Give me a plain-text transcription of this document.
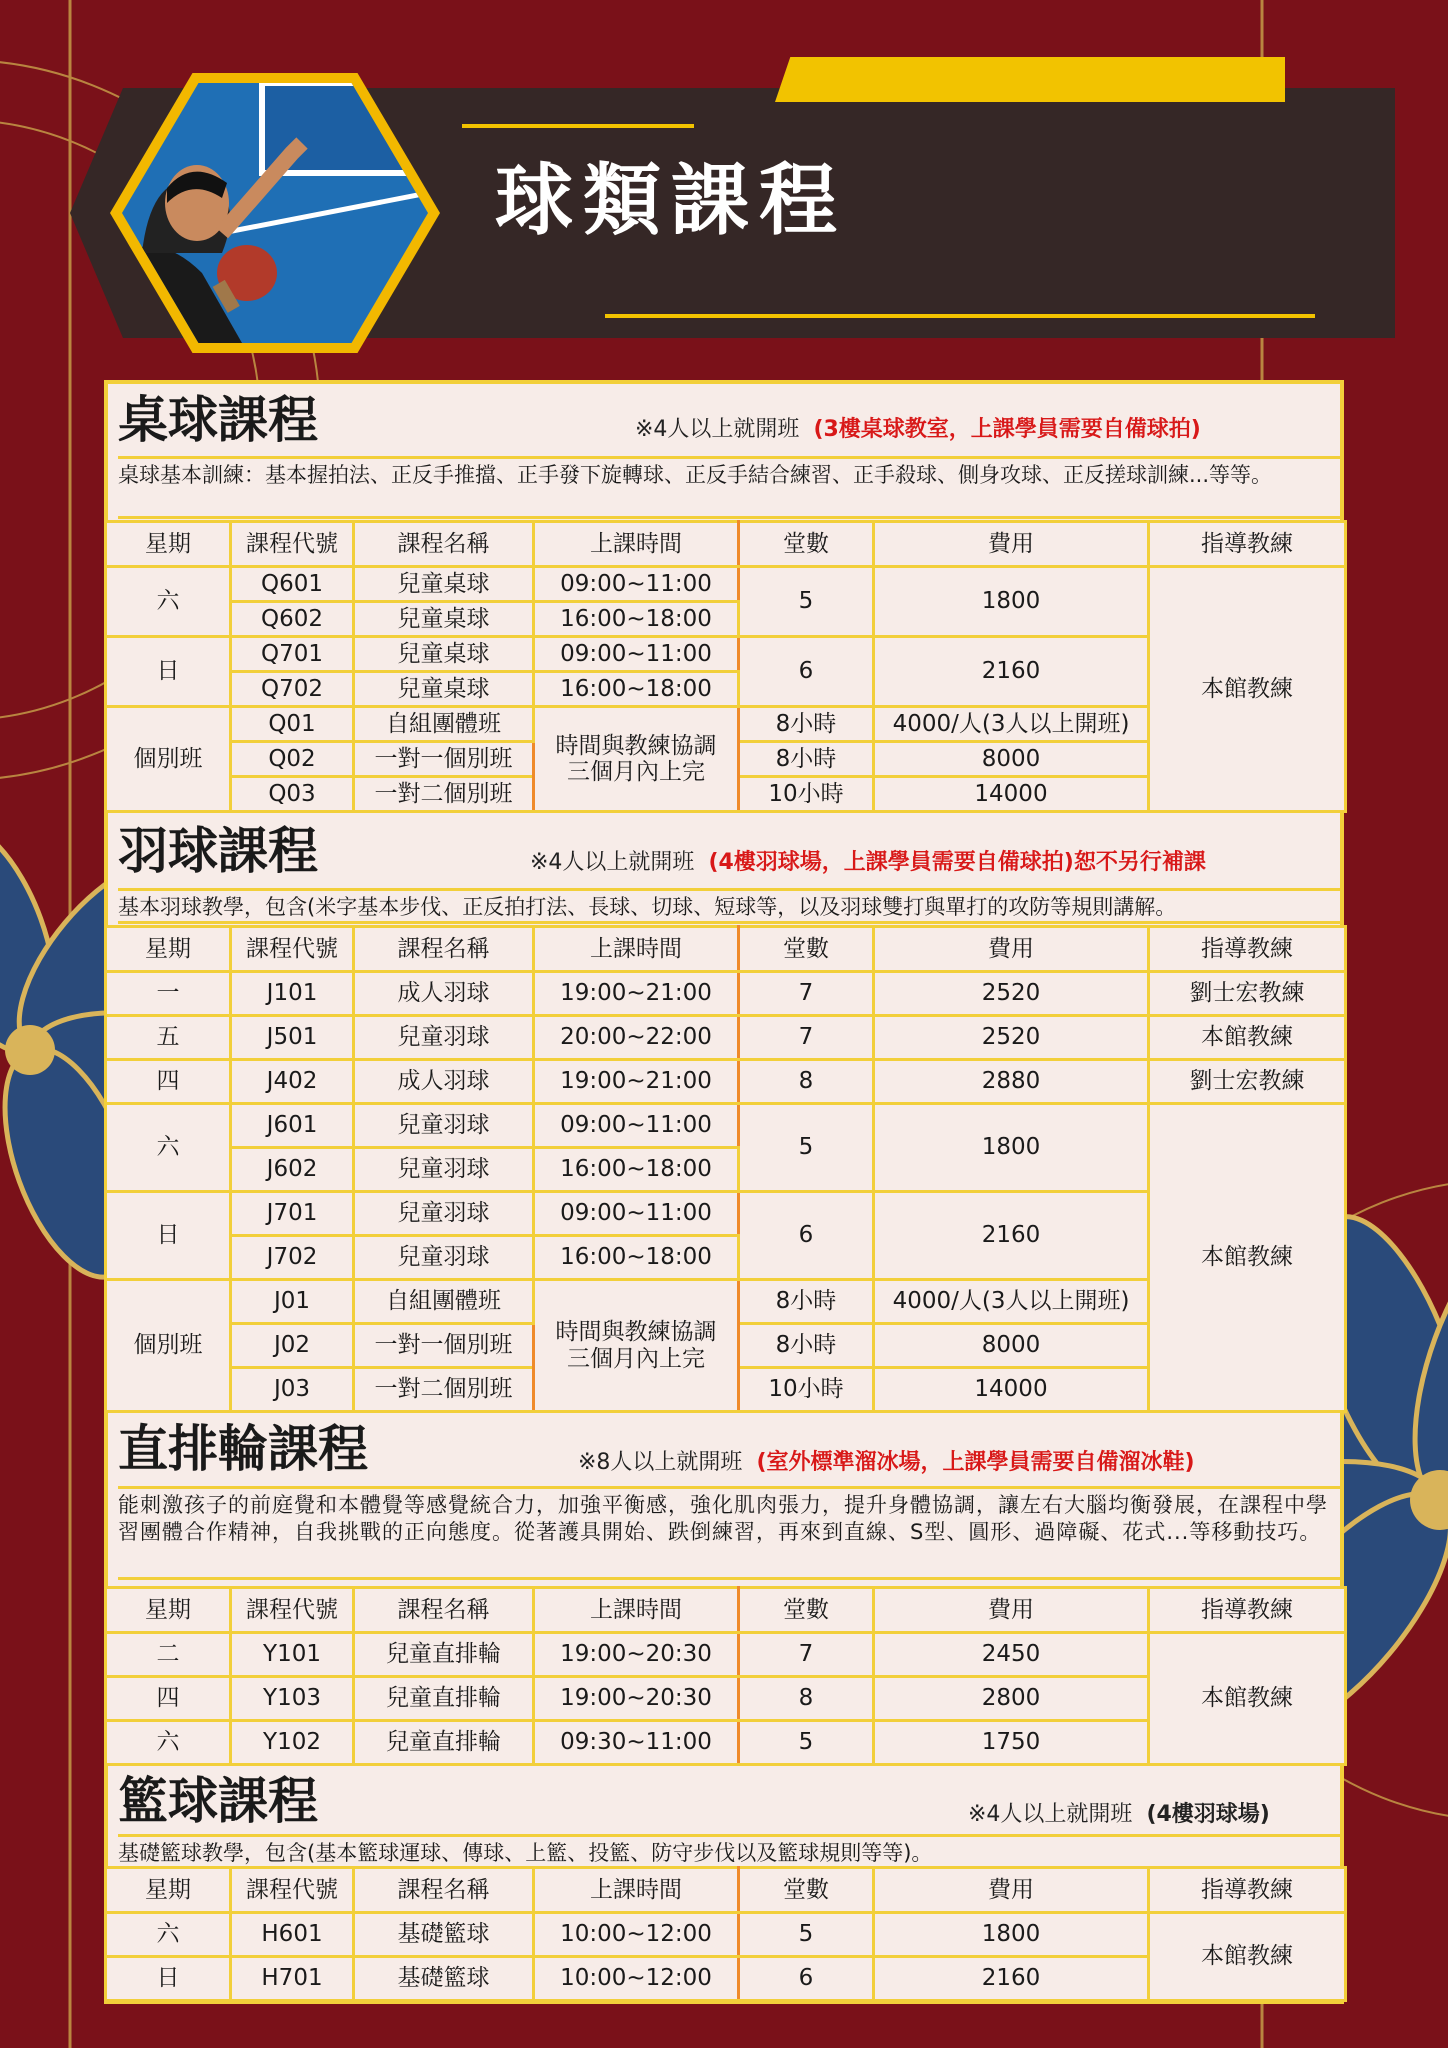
球類課程
桌球課程	※4人以上就開班 (3樓桌球教室，上課學員需要自備球拍)
桌球基本訓練：基本握拍法、正反手推擋、正手發下旋轉球、正反手結合練習、正手殺球、側身攻球、正反搓球訓練...等等。
星期	課程代號	課程名稱	上課時間	堂數	費用	指導教練
六	Q601	兒童桌球	09:00~11:00	5	1800	本館教練
	Q602	兒童桌球	16:00~18:00			
日	Q701	兒童桌球	09:00~11:00	6	2160	
	Q702	兒童桌球	16:00~18:00			
個別班	Q01	自組團體班	時間與教練協調三個月內上完	8小時	4000/人(3人以上開班)	
	Q02	一對一個別班		8小時	8000	
	Q03	一對二個別班		10小時	14000	
羽球課程	※4人以上就開班 (4樓羽球場，上課學員需要自備球拍)恕不另行補課
基本羽球教學，包含(米字基本步伐、正反拍打法、長球、切球、短球等，以及羽球雙打與單打的攻防等規則講解。
星期	課程代號	課程名稱	上課時間	堂數	費用	指導教練
一	J101	成人羽球	19:00~21:00	7	2520	劉士宏教練
五	J501	兒童羽球	20:00~22:00	7	2520	本館教練
四	J402	成人羽球	19:00~21:00	8	2880	劉士宏教練
六	J601	兒童羽球	09:00~11:00	5	1800	本館教練
	J602	兒童羽球	16:00~18:00			
日	J701	兒童羽球	09:00~11:00	6	2160	
	J702	兒童羽球	16:00~18:00			
個別班	J01	自組團體班	時間與教練協調三個月內上完	8小時	4000/人(3人以上開班)	
	J02	一對一個別班		8小時	8000	
	J03	一對二個別班		10小時	14000	
直排輪課程	※8人以上就開班 (室外標準溜冰場，上課學員需要自備溜冰鞋)
能刺激孩子的前庭覺和本體覺等感覺統合力，加強平衡感，強化肌肉張力，提升身體協調，讓左右大腦均衡發展，在課程中學習團體合作精神，自我挑戰的正向態度。從著護具開始、跌倒練習，再來到直線、S型、圓形、過障礙、花式...等移動技巧。
星期	課程代號	課程名稱	上課時間	堂數	費用	指導教練
二	Y101	兒童直排輪	19:00~20:30	7	2450	本館教練
四	Y103	兒童直排輪	19:00~20:30	8	2800	
六	Y102	兒童直排輪	09:30~11:00	5	1750	
籃球課程	※4人以上就開班 (4樓羽球場)
基礎籃球教學，包含(基本籃球運球、傳球、上籃、投籃、防守步伐以及籃球規則等等)。
星期	課程代號	課程名稱	上課時間	堂數	費用	指導教練
六	H601	基礎籃球	10:00~12:00	5	1800	本館教練
日	H701	基礎籃球	10:00~12:00	6	2160	
